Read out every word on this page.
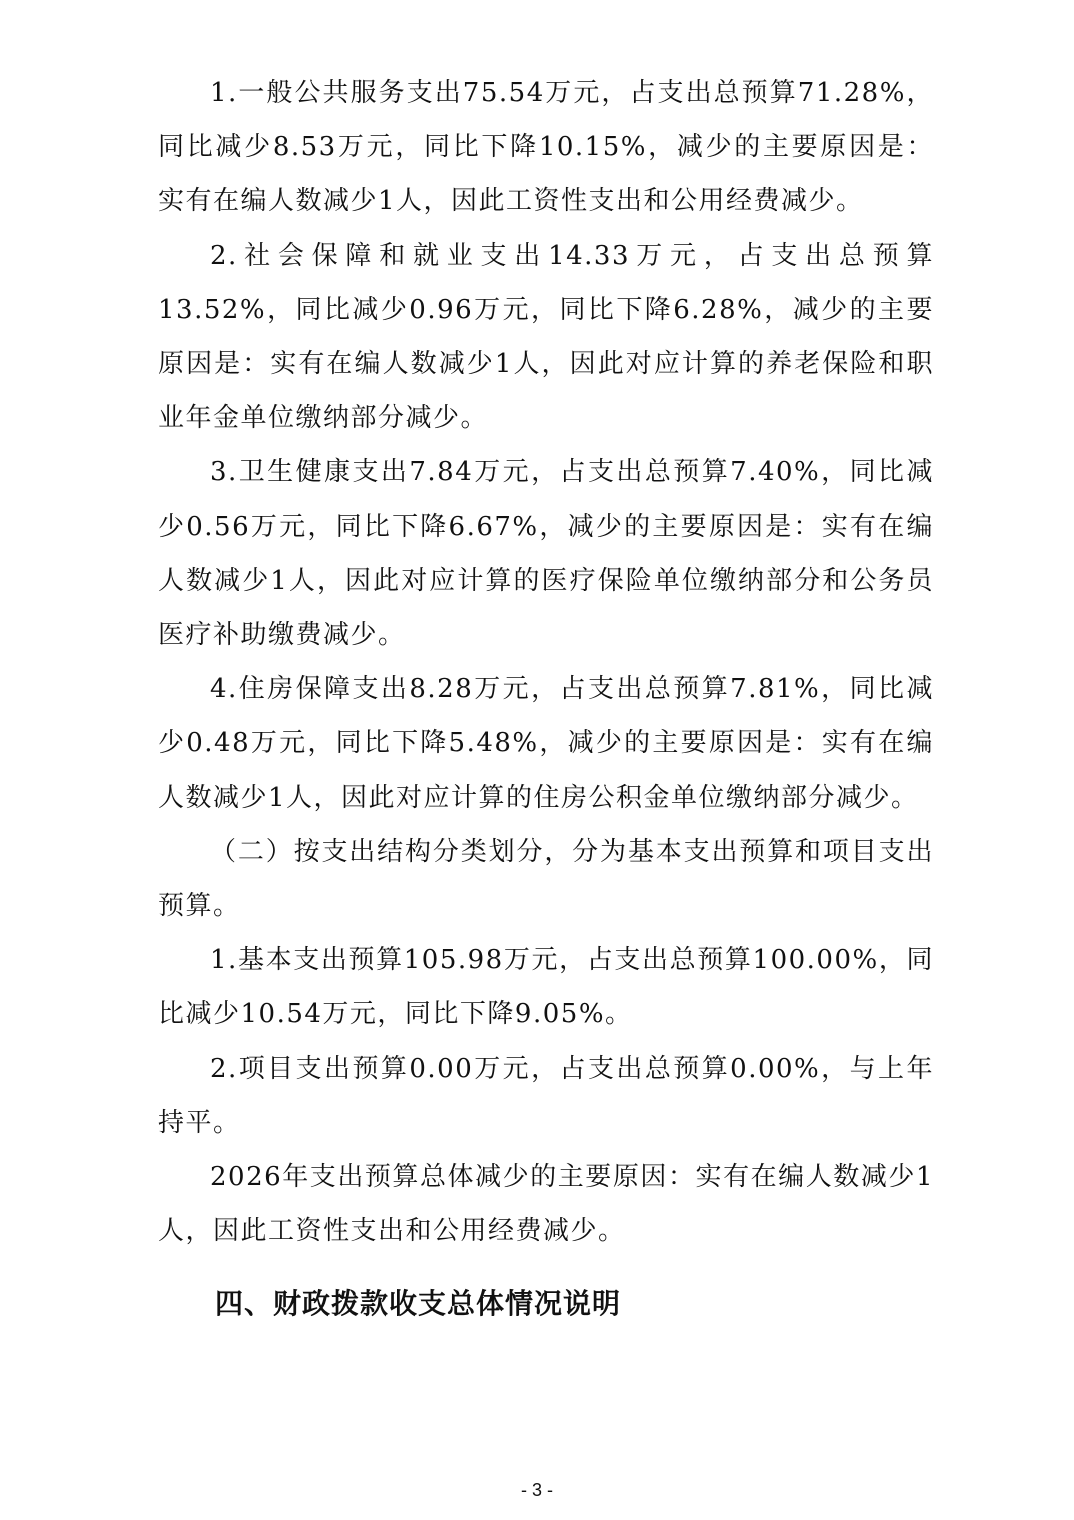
1.一般公共服务支出75.54万元，占支出总预算71.28%，同比减少8.53万元，同比下降10.15%，减少的主要原因是：实有在编人数减少1人，因此工资性支出和公用经费减少。

2.社会保障和就业支出14.33万元，占支出总预算13.52%，同比减少0.96万元，同比下降6.28%，减少的主要原因是：实有在编人数减少1人，因此对应计算的养老保险和职业年金单位缴纳部分减少。

3.卫生健康支出7.84万元，占支出总预算7.40%，同比减少0.56万元，同比下降6.67%，减少的主要原因是：实有在编人数减少1人，因此对应计算的医疗保险单位缴纳部分和公务员医疗补助缴费减少。

4.住房保障支出8.28万元，占支出总预算7.81%，同比减少0.48万元，同比下降5.48%，减少的主要原因是：实有在编人数减少1人，因此对应计算的住房公积金单位缴纳部分减少。

（二）按支出结构分类划分，分为基本支出预算和项目支出预算。

1.基本支出预算105.98万元，占支出总预算100.00%，同比减少10.54万元，同比下降9.05%。

2.项目支出预算0.00万元，占支出总预算0.00%，与上年持平。

2026年支出预算总体减少的主要原因：实有在编人数减少1人，因此工资性支出和公用经费减少。

四、财政拨款收支总体情况说明
- 3 -
